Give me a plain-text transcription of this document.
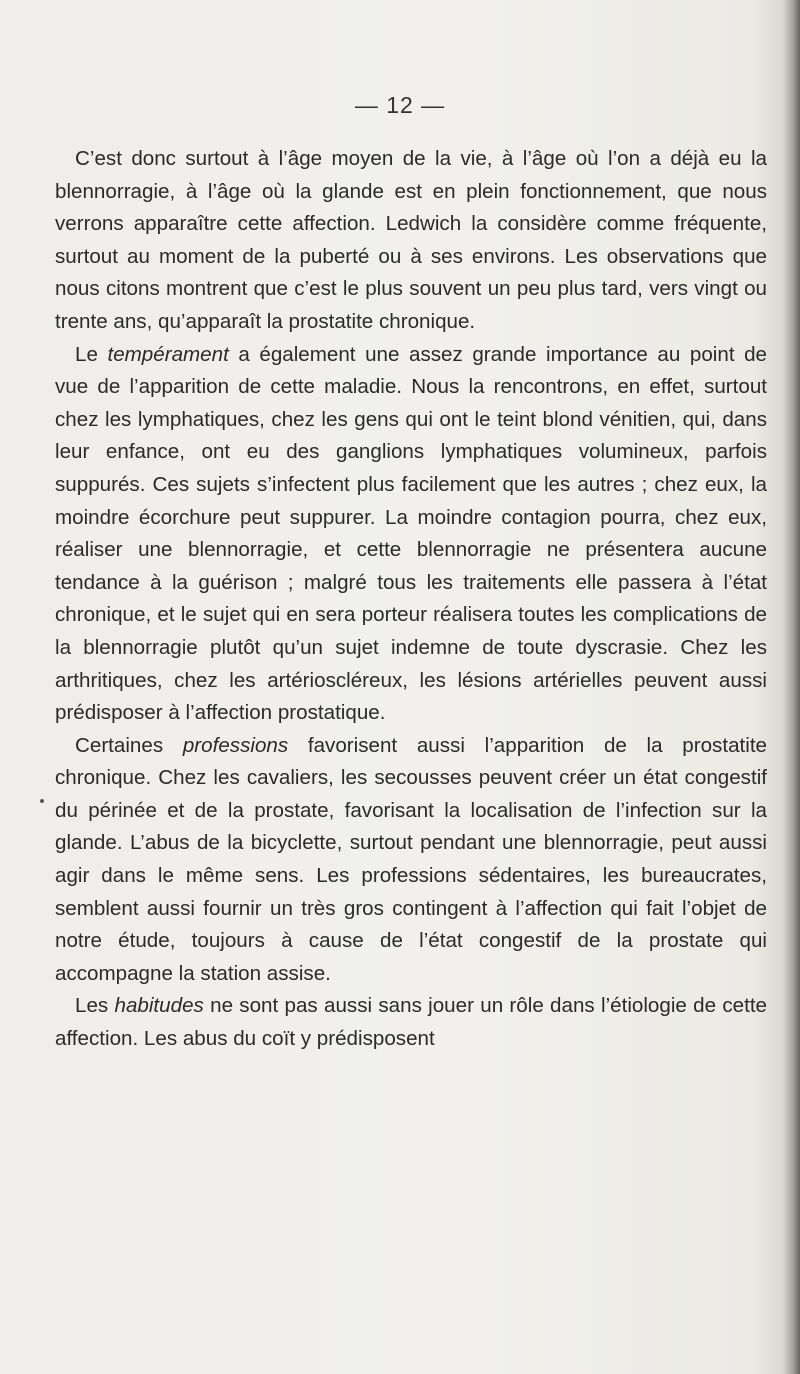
— 12 —

C’est donc surtout à l’âge moyen de la vie, à l’âge où l’on a déjà eu la blennorragie, à l’âge où la glande est en plein fonctionnement, que nous verrons apparaître cette affection. Ledwich la considère comme fréquente, surtout au moment de la puberté ou à ses environs. Les observations que nous citons montrent que c’est le plus souvent un peu plus tard, vers vingt ou trente ans, qu’apparaît la prostatite chronique.

Le tempérament a également une assez grande importance au point de vue de l’apparition de cette maladie. Nous la rencontrons, en effet, surtout chez les lymphatiques, chez les gens qui ont le teint blond vénitien, qui, dans leur enfance, ont eu des ganglions lymphatiques volumineux, parfois suppurés. Ces sujets s’infectent plus facilement que les autres ; chez eux, la moindre écorchure peut suppurer. La moindre contagion pourra, chez eux, réaliser une blennorragie, et cette blennorragie ne présentera aucune tendance à la guérison ; malgré tous les traitements elle passera à l’état chronique, et le sujet qui en sera porteur réalisera toutes les complications de la blennorragie plutôt qu’un sujet indemne de toute dyscrasie. Chez les arthritiques, chez les artérioscléreux, les lésions artérielles peuvent aussi prédisposer à l’affection prostatique.

Certaines professions favorisent aussi l’apparition de la prostatite chronique. Chez les cavaliers, les secousses peuvent créer un état congestif du périnée et de la prostate, favorisant la localisation de l’infection sur la glande. L’abus de la bicyclette, surtout pendant une blennorragie, peut aussi agir dans le même sens. Les professions sédentaires, les bureaucrates, semblent aussi fournir un très gros contingent à l’affection qui fait l’objet de notre étude, toujours à cause de l’état congestif de la prostate qui accompagne la station assise.

Les habitudes ne sont pas aussi sans jouer un rôle dans l’étiologie de cette affection. Les abus du coït y prédisposent
